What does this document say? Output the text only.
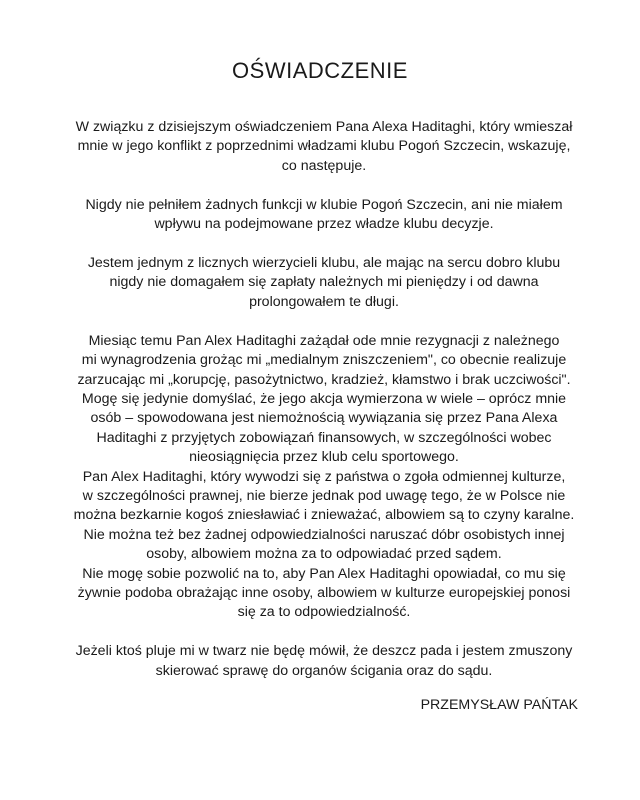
OŚWIADCZENIE

W związku z dzisiejszym oświadczeniem Pana Alexa Haditaghi, który wmieszał
mnie w jego konflikt z poprzednimi władzami klubu Pogoń Szczecin, wskazuję,
co następuje.

Nigdy nie pełniłem żadnych funkcji w klubie Pogoń Szczecin, ani nie miałem
wpływu na podejmowane przez władze klubu decyzje.

Jestem jednym z licznych wierzycieli klubu, ale mając na sercu dobro klubu
nigdy nie domagałem się zapłaty należnych mi pieniędzy i od dawna
prolongowałem te długi.

Miesiąc temu Pan Alex Haditaghi zażądał ode mnie rezygnacji z należnego
mi wynagrodzenia grożąc mi „medialnym zniszczeniem", co obecnie realizuje
zarzucając mi „korupcję, pasożytnictwo, kradzież, kłamstwo i brak uczciwości".
Mogę się jedynie domyślać, że jego akcja wymierzona w wiele – oprócz mnie
osób – spowodowana jest niemożnością wywiązania się przez Pana Alexa
Haditaghi z przyjętych zobowiązań finansowych, w szczególności wobec
nieosiągnięcia przez klub celu sportowego.
Pan Alex Haditaghi, który wywodzi się z państwa o zgoła odmiennej kulturze,
w szczególności prawnej, nie bierze jednak pod uwagę tego, że w Polsce nie
można bezkarnie kogoś zniesławiać i znieważać, albowiem są to czyny karalne.
Nie można też bez żadnej odpowiedzialności naruszać dóbr osobistych innej
osoby, albowiem można za to odpowiadać przed sądem.
Nie mogę sobie pozwolić na to, aby Pan Alex Haditaghi opowiadał, co mu się
żywnie podoba obrażając inne osoby, albowiem w kulturze europejskiej ponosi
się za to odpowiedzialność.

Jeżeli ktoś pluje mi w twarz nie będę mówił, że deszcz pada i jestem zmuszony
skierować sprawę do organów ścigania oraz do sądu.

PRZEMYSŁAW PAŃTAK
